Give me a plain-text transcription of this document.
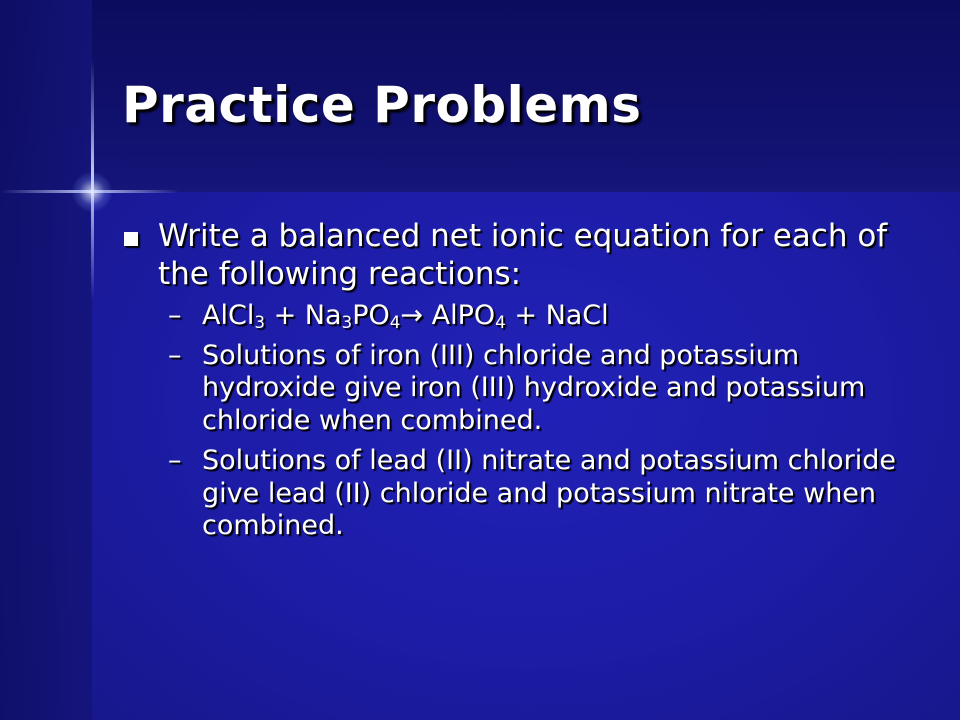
Practice Problems
Write a balanced net ionic equation for each of the following reactions:
– AlCl$_3$ + $Na_3PO_4\to$ AlPO$_4$ + NaCl
– Solutions of iron (III) chloride and potassium hydroxide give iron (III) hydroxide and potassium chloride when combined.
– Solutions of lead (II) nitrate and potassium chloride give lead (II) chloride and potassium nitrate when combined.
